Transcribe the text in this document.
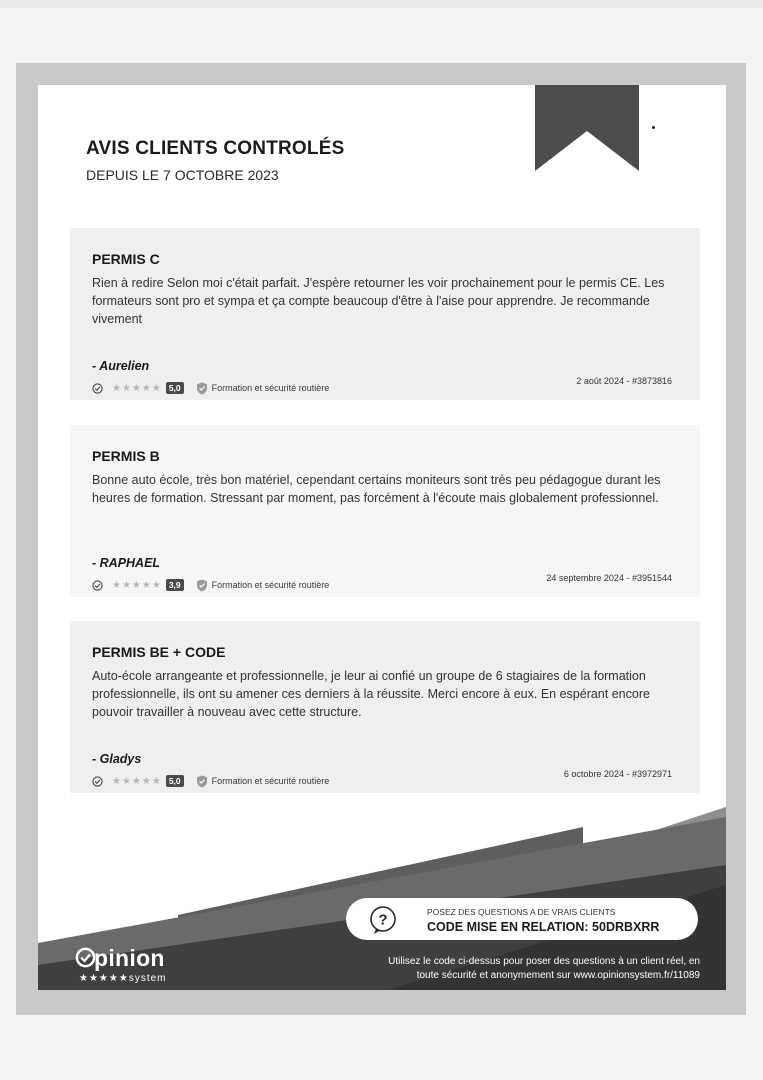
AVIS CLIENTS CONTROLÉS

DEPUIS LE 7 OCTOBRE 2023

PERMIS C
Rien à redire Selon moi c'était parfait. J'espère retourner les voir prochainement pour le permis CE. Les formateurs sont pro et sympa et ça compte beaucoup d'être à l'aise pour apprendre. Je recommande vivement
- Aurelien
★★★★★ 5,0	Formation et sécurité routière
2 août 2024 - #3873816
PERMIS B
Bonne auto école, très bon matériel, cependant certains moniteurs sont très peu pédagogue durant les heures de formation. Stressant par moment, pas forcément à l'écoute mais globalement professionnel.
- RAPHAEL
★★★★★ 3,9	Formation et sécurité routière
24 septembre 2024 - #3951544
PERMIS BE + CODE
Auto-école arrangeante et professionnelle, je leur ai confié un groupe de 6 stagiaires de la formation professionnelle, ils ont su amener ces derniers à la réussite. Merci encore à eux. En espérant encore pouvoir travailler à nouveau avec cette structure.
- Gladys
★★★★★ 5,0	Formation et sécurité routière
6 octobre 2024 - #3972971
?	POSEZ DES QUESTIONS A DE VRAIS CLIENTS
CODE MISE EN RELATION: 50DRBXRR
pinion
★★★★★system
Utilisez le code ci-dessus pour poser des questions à un client réel, en
toute sécurité et anonymement sur www.opinionsystem.fr/11089
